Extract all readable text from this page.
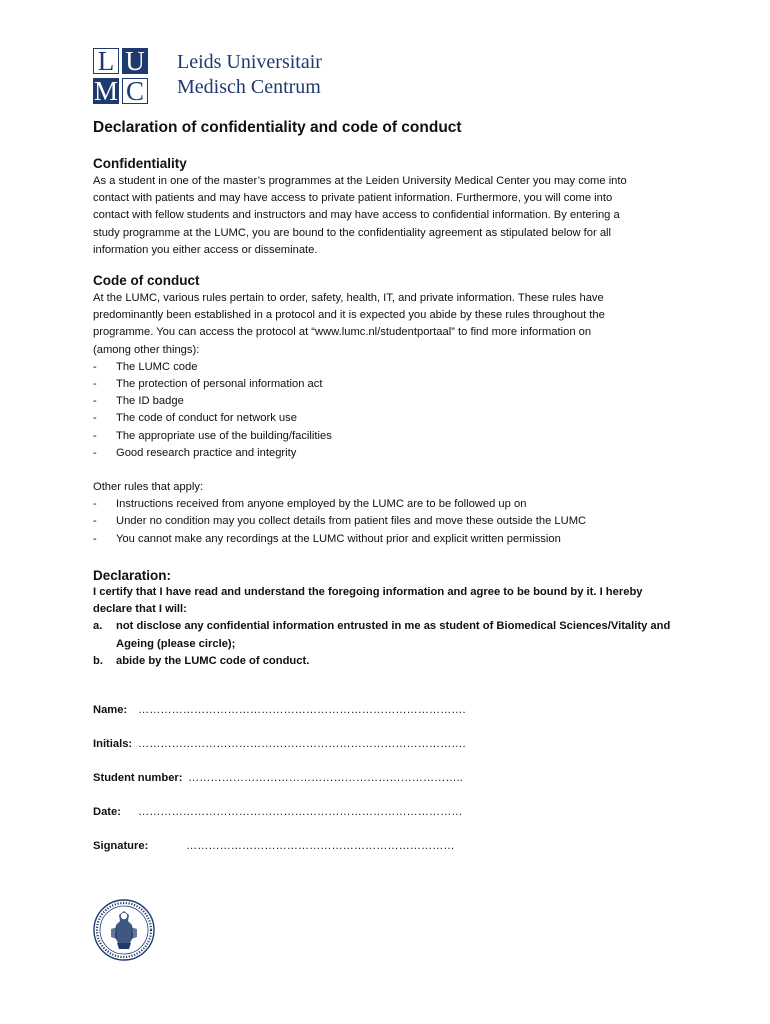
L U
M C
Leids Universitair
Medisch Centrum
Declaration of confidentiality and code of conduct
Confidentiality

As a student in one of the master’s programmes at the Leiden University Medical Center you may come into

contact with patients and may have access to private patient information. Furthermore, you will come into

contact with fellow students and instructors and may have access to confidential information. By entering a

study programme at the LUMC, you are bound to the confidentiality agreement as stipulated below for all

information you either access or disseminate.

Code of conduct

At the LUMC, various rules pertain to order, safety, health, IT, and private information. These rules have

predominantly been established in a protocol and it is expected you abide by these rules throughout the

programme. You can access the protocol at “www.lumc.nl/studentportaal” to find more information on

(among other things):

- The LUMC code
- The protection of personal information act
- The ID badge
- The code of conduct for network use
- The appropriate use of the building/facilities
- Good research practice and integrity

Other rules that apply:

- Instructions received from anyone employed by the LUMC are to be followed up on
- Under no condition may you collect details from patient files and move these outside the LUMC
- You cannot make any recordings at the LUMC without prior and explicit written permission
Declaration:

I certify that I have read and understand the foregoing information and agree to be bound by it. I hereby

declare that I will:

a. not disclose any confidential information entrusted in me as student of Biomedical Sciences/Vitality and
Ageing (please circle);
b. abide by the LUMC code of conduct.
Name: …………………………………………………………………………….
Initials: …………………………………………………………………………….
Student number: ………………………………………………………………..
Date: ……………………………………………………………………………
Signature:	………………………………………………………………
